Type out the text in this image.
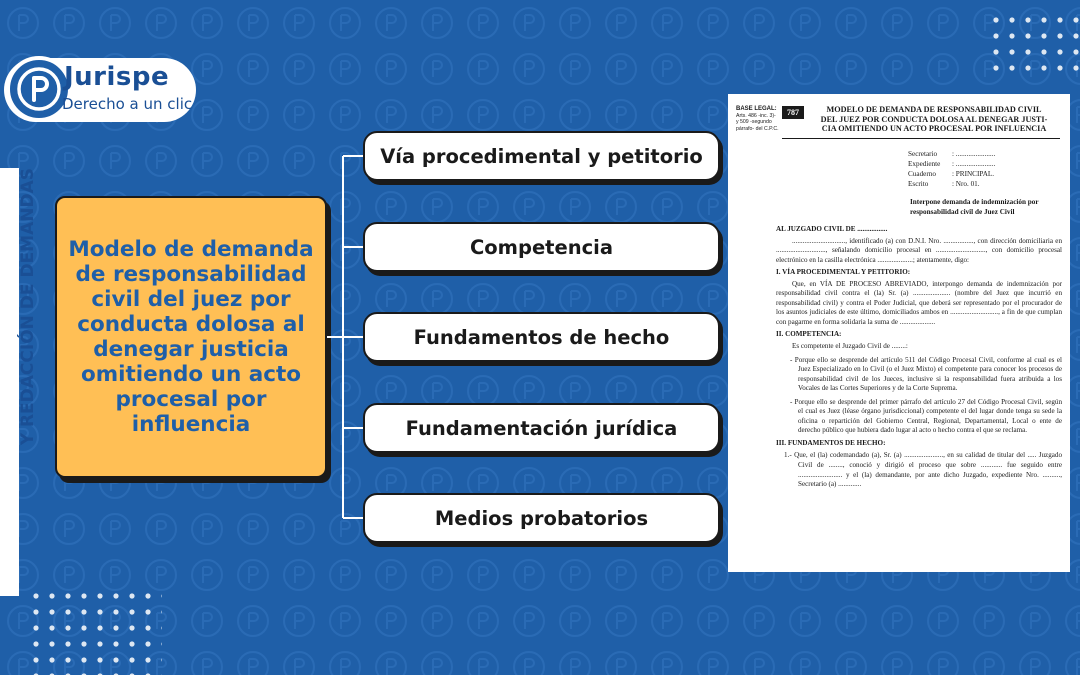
Jurispe
Derecho a un clic
Y REDACCIÓN DE DEMANDAS Modelo de demanda de responsabilidad civil del juez por conducta dolosa al denegar justicia omitiendo un acto procesal por influencia
Vía procedimental y petitorio
Competencia
Fundamentos de hecho
Fundamentación jurídica
Medios probatorios
BASE LEGAL:
Arts. 486 -inc. 3)-
y 509 -segundo
párrafo- del C.P.C.
787	MODELO DE DEMANDA DE RESPONSABILIDAD CIVIL
DEL JUEZ POR CONDUCTA DOLOSA AL DENEGAR JUSTI-
CIA OMITIENDO UN ACTO PROCESAL POR INFLUENCIA
Secretario : ......................
Expediente : ......................
Cuaderno : PRINCIPAL.
Escrito	: Nro. 01.
Interpone demanda de indemnización por responsabilidad civil de Juez Civil

AL JUZGADO CIVIL DE .................

.............................., identificado (a) con D.N.I. Nro. ................., con dirección domiciliaria en ............................, señalando domicilio procesal en ............................, con domicilio procesal electrónico en la casilla electrónica ....................; atentamente, digo:

I. VÍA PROCEDIMENTAL Y PETITORIO:

Que, en VÍA DE PROCESO ABREVIADO, interpongo demanda de indemnización por responsabilidad civil contra el (la) Sr. (a) ..................... (nombre del Juez que incurrió en responsabilidad civil) y contra el Poder Judicial, que deberá ser representado por el procurador de los asuntos judiciales de este último, domiciliados ambos en ..........................., a fin de que cumplan con pagarme en forma solidaria la suma de ....................

II. COMPETENCIA:

Es competente el Juzgado Civil de ........:

- Porque ello se desprende del artículo 511 del Código Procesal Civil, conforme al cual es el Juez Especializado en lo Civil (o el Juez Mixto) el competente para conocer los procesos de responsabilidad civil de los Jueces, inclusive si la responsabilidad fuera atribuida a los Vocales de las Cortes Superiores y de la Corte Suprema.

- Porque ello se desprende del primer párrafo del artículo 27 del Código Procesal Civil, según el cual es Juez (léase órgano jurisdiccional) competente el del lugar donde tenga su sede la oficina o repartición del Gobierno Central, Regional, Departamental, Local o ente de derecho público que hubiera dado lugar al acto o hecho contra el que se reclama.

III. FUNDAMENTOS DE HECHO:

1.- Que, el (la) codemandado (a), Sr. (a) ......................, en su calidad de titular del ..... Juzgado Civil de ........, conoció y dirigió el proceso que sobre ............ fue seguido entre ......................... y el (la) demandante, por ante dicho Juzgado, expediente Nro. .........., Secretario (a) .............
